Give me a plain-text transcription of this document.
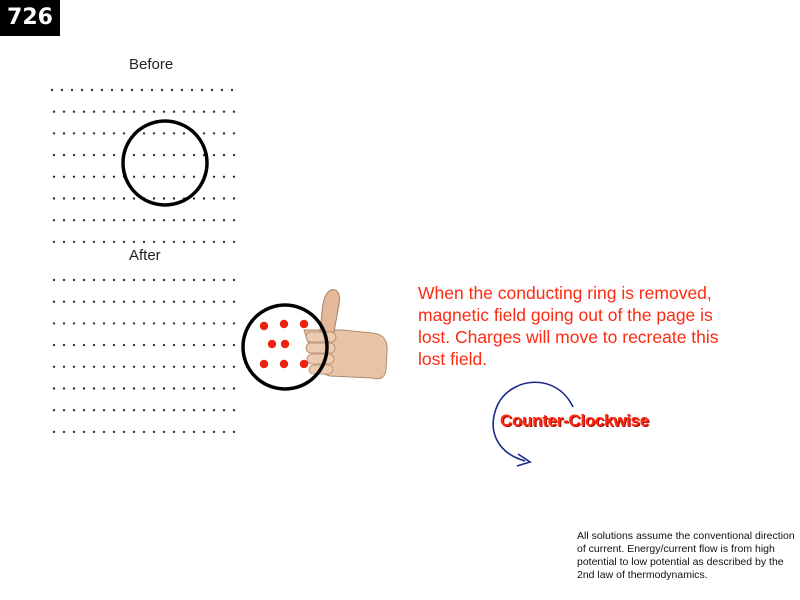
726
Before
After
When the conducting ring is removed, magnetic field going out of the page is lost. Charges will move to recreate this lost field.
Counter-Clockwise
All solutions assume the conventional direction of current. Energy/current flow is from high potential to low potential as described by the 2nd law of thermodynamics.
